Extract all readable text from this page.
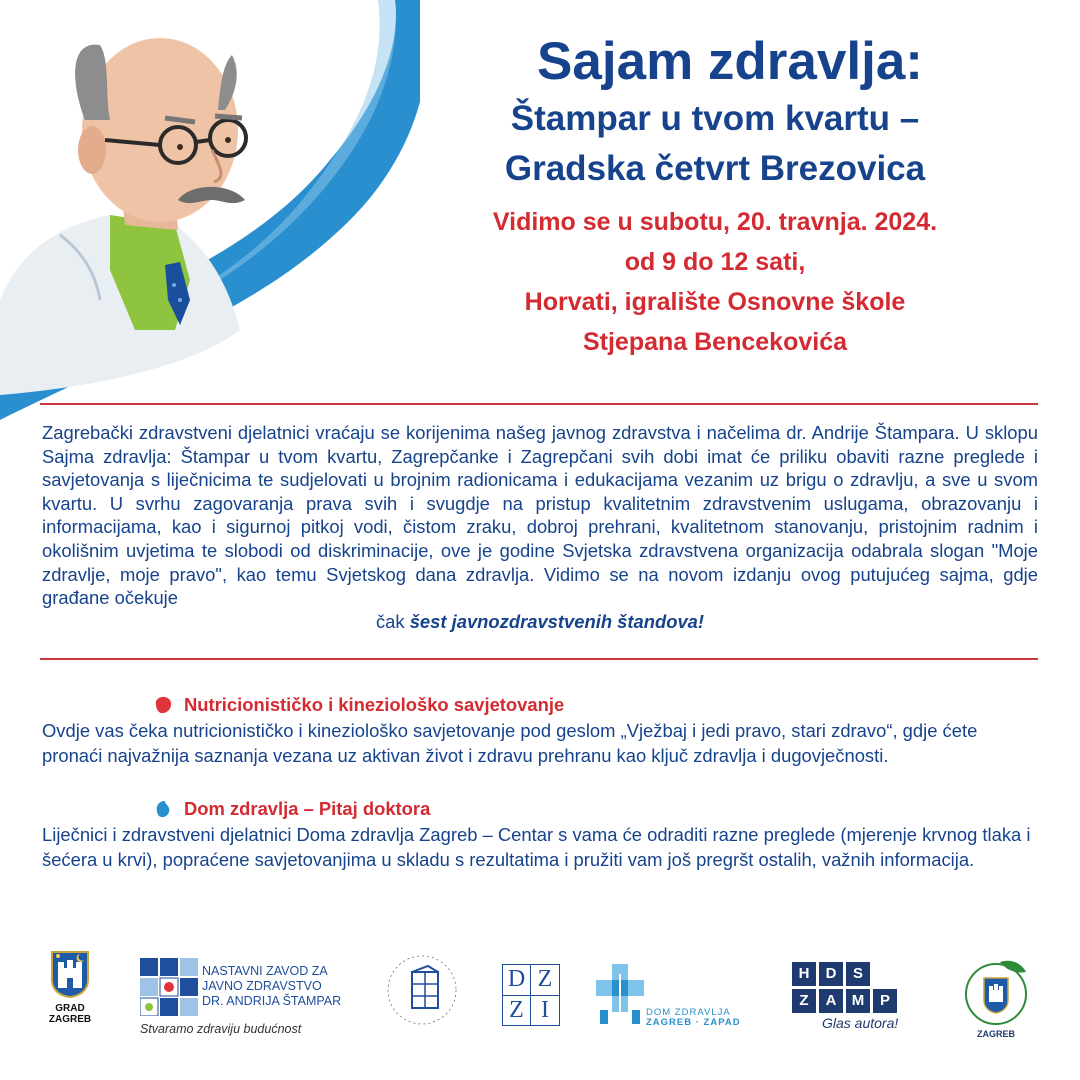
Sajam zdravlja:
Štampar u tvom kvartu –
Gradska četvrt Brezovica
Vidimo se u subotu, 20. travnja. 2024.
od 9 do 12 sati,
Horvati, igralište Osnovne škole
Stjepana Bencekovića
Zagrebački zdravstveni djelatnici vraćaju se korijenima našeg javnog zdravstva i načelima dr. Andrije Štampara. U sklopu Sajma zdravlja: Štampar u tvom kvartu, Zagrepčanke i Zagrepčani svih dobi imat će priliku obaviti razne preglede i savjetovanja s liječnicima te sudjelovati u brojnim radionicama i edukacijama vezanim uz brigu o zdravlju, a sve u svom kvartu. U svrhu zagovaranja prava svih i svugdje na pristup kvalitetnim zdravstvenim uslugama, obrazovanju i informacijama, kao i sigurnoj pitkoj vodi, čistom zraku, dobroj prehrani, kvalitetnom stanovanju, pristojnim radnim i okolišnim uvjetima te slobodi od diskriminacije, ove je godine Svjetska zdravstvena organizacija odabrala slogan "Moje zdravlje, moje pravo", kao temu Svjetskog dana zdravlja. Vidimo se na novom izdanju ovog putujućeg sajma, gdje građane očekuje
čak šest javnozdravstvenih štandova!
Nutricionističko i kineziološko savjetovanje
Ovdje vas čeka nutricionističko i kineziološko savjetovanje pod geslom „Vježbaj i jedi pravo, stari zdravo“, gdje ćete pronaći najvažnija saznanja vezana uz aktivan život i zdravu prehranu kao ključ zdravlja i dugovječnosti.
Dom zdravlja – Pitaj doktora
Liječnici i zdravstveni djelatnici Doma zdravlja Zagreb – Centar s vama će odraditi razne preglede (mjerenje krvnog tlaka i šećera u krvi), popraćene savjetovanjima u skladu s rezultatima i pružiti vam još pregršt ostalih, važnih informacija.
GRAD
ZAGREB
NASTAVNI ZAVOD ZA
JAVNO ZDRAVSTVO
DR. ANDRIJA ŠTAMPAR
Stvaramo zdraviju budućnost
D Z
Z I	DOM ZDRAVLJA
ZAGREB · ZAPAD
H	D	S
Z	A	M	P
Glas autora!
ZAGREB
